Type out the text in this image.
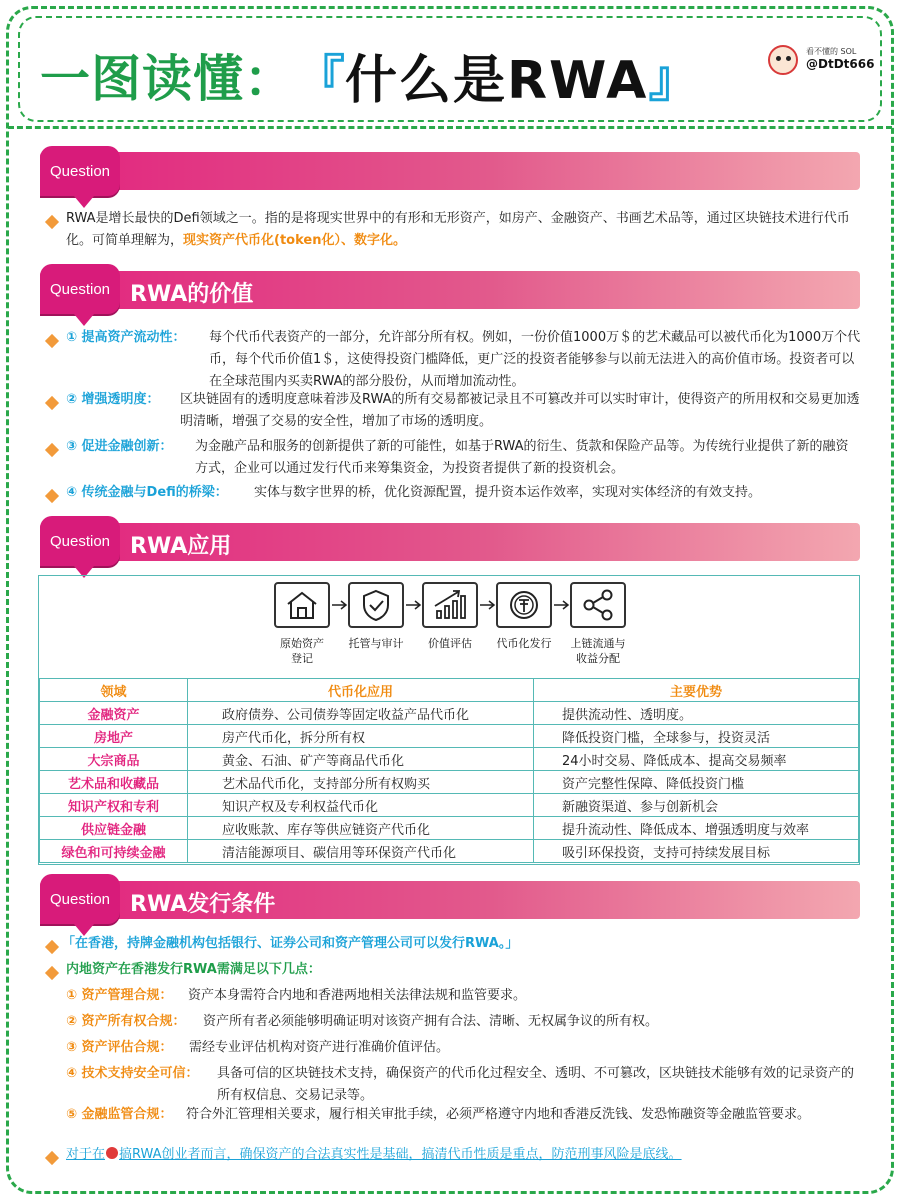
一图读懂： 『 什么是RWA 』	看不懂的 SOL
@DtDt666
Question
RWA是增长最快的Defi领域之一。指的是将现实世界中的有形和无形资产，如房产、金融资产、书画艺术品等，通过区块链技术进行代币化。可简单理解为，现实资产代币化(token化）、数字化。
Question RWA的价值
① 提高资产流动性： 每个代币代表资产的一部分，允许部分所有权。例如，一份价值1000万＄的艺术藏品可以被代币化为1000万个代币，每个代币价值1＄，这使得投资门槛降低，更广泛的投资者能够参与以前无法进入的高价值市场。投资者可以在全球范围内买卖RWA的部分股份，从而增加流动性。
② 增强透明度： 区块链固有的透明度意味着涉及RWA的所有交易都被记录且不可篡改并可以实时审计，使得资产的所用权和交易更加透明清晰，增强了交易的安全性，增加了市场的透明度。
③ 促进金融创新： 为金融产品和服务的创新提供了新的可能性，如基于RWA的衍生、货款和保险产品等。为传统行业提供了新的融资方式，企业可以通过发行代币来筹集资金，为投资者提供了新的投资机会。
④ 传统金融与Defi的桥梁： 实体与数字世界的桥，优化资源配置，提升资本运作效率，实现对实体经济的有效支持。
Question RWA应用
原始资产
登记
托管与审计	价值评估	代币化发行	上链流通与
收益分配
领域	代币化应用	主要优势
金融资产	政府债券、公司债券等固定收益产品代币化	提供流动性、透明度。
房地产	房产代币化，拆分所有权	降低投资门槛，全球参与，投资灵活
大宗商品	黄金、石油、矿产等商品代币化	24小时交易、降低成本、提高交易频率
艺术品和收藏品	艺术品代币化，支持部分所有权购买	资产完整性保障、降低投资门槛
知识产权和专利	知识产权及专利权益代币化	新融资渠道、参与创新机会
供应链金融	应收账款、库存等供应链资产代币化	提升流动性、降低成本、增强透明度与效率
绿色和可持续金融	清洁能源项目、碳信用等环保资产代币化	吸引环保投资，支持可持续发展目标
Question RWA发行条件
「在香港，持牌金融机构包括银行、证券公司和资产管理公司可以发行RWA。」
内地资产在香港发行RWA需满足以下几点：
① 资产管理合规： 资产本身需符合内地和香港两地相关法律法规和监管要求。
② 资产所有权合规： 资产所有者必须能够明确证明对该资产拥有合法、清晰、无权属争议的所有权。
③ 资产评估合规： 需经专业评估机构对资产进行准确价值评估。
④ 技术支持安全可信： 具备可信的区块链技术支持，确保资产的代币化过程安全、透明、不可篡改，区块链技术能够有效的记录资产的所有权信息、交易记录等。
⑤ 金融监管合规： 符合外汇管理相关要求，履行相关审批手续，必须严格遵守内地和香港反洗钱、发恐怖融资等金融监管要求。
对于在 搞RWA创业者而言，确保资产的合法真实性是基础，搞清代币性质是重点，防范刑事风险是底线。
